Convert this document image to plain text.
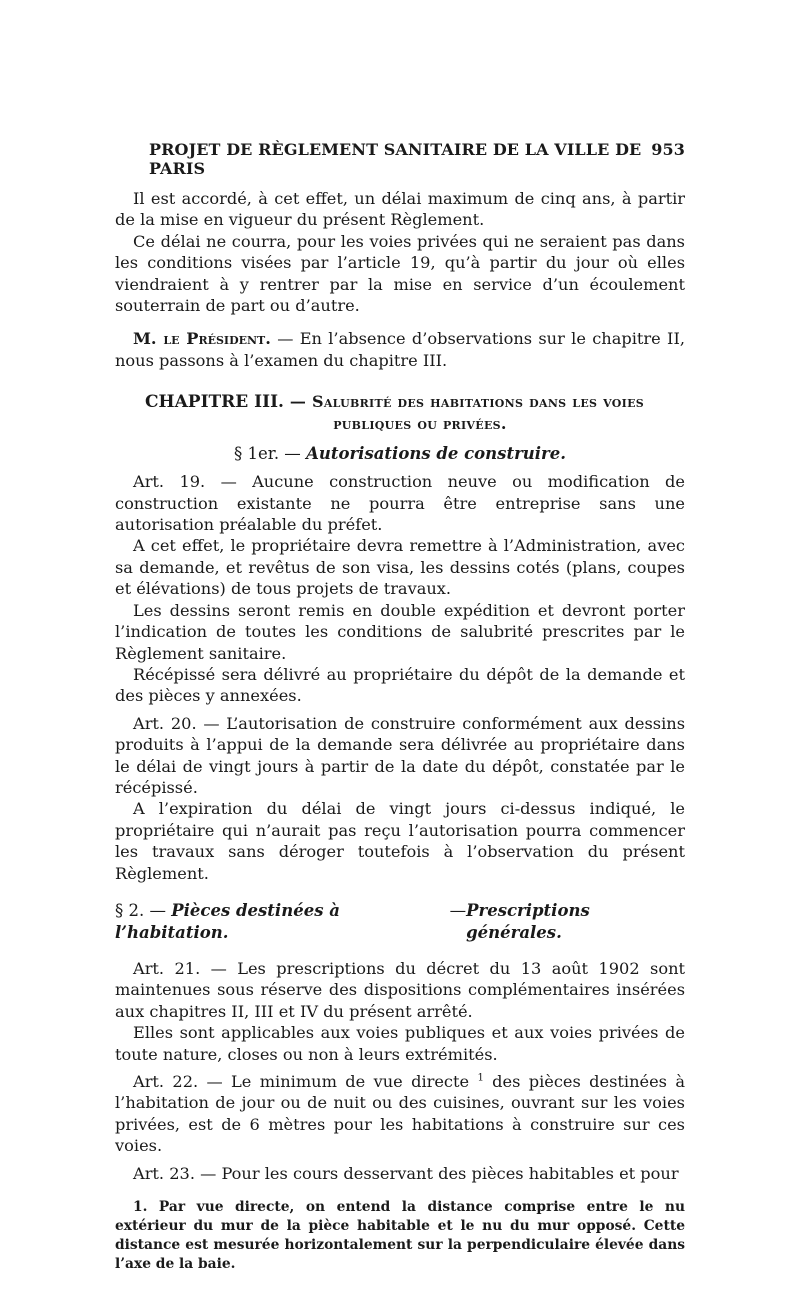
PROJET DE RÈGLEMENT SANITAIRE DE LA VILLE DE PARIS
953

Il est accordé, à cet effet, un délai maximum de cinq ans, à partir de la mise en vigueur du présent Règlement.

Ce délai ne courra, pour les voies privées qui ne seraient pas dans les conditions visées par l’article 19, qu’à partir du jour où elles viendraient à y rentrer par la mise en service d’un écoulement souterrain de part ou d’autre.

M. le Président. — En l’absence d’observations sur le chapitre II, nous passons à l’examen du chapitre III.

CHAPITRE III. — Salubrité des habitations dans les voies
publiques ou privées.
§ 1er. — Autorisations de construire.

Art. 19. — Aucune construction neuve ou modification de construction existante ne pourra être entreprise sans une autorisation préalable du préfet.

A cet effet, le propriétaire devra remettre à l’Administration, avec sa demande, et revêtus de son visa, les dessins cotés (plans, coupes et élévations) de tous projets de travaux.

Les dessins seront remis en double expédition et devront porter l’indication de toutes les conditions de salubrité prescrites par le Règlement sanitaire.

Récépissé sera délivré au propriétaire du dépôt de la demande et des pièces y annexées.

Art. 20. — L’autorisation de construire conformément aux dessins produits à l’appui de la demande sera délivrée au propriétaire dans le délai de vingt jours à partir de la date du dépôt, constatée par le récépissé.

A l’expiration du délai de vingt jours ci-dessus indiqué, le propriétaire qui n’aurait pas reçu l’autorisation pourra commencer les travaux sans déroger toutefois à l’observation du présent Règlement.

§ 2. — Pièces destinées à l’habitation.
— Prescriptions générales.

Art. 21. — Les prescriptions du décret du 13 août 1902 sont maintenues sous réserve des dispositions complémentaires insérées aux chapitres II, III et IV du présent arrêté.

Elles sont applicables aux voies publiques et aux voies privées de toute nature, closes ou non à leurs extrémités.

Art. 22. — Le minimum de vue directe $^1$ des pièces destinées à l’habitation de jour ou de nuit ou des cuisines, ouvrant sur les voies privées, est de 6 mètres pour les habitations à construire sur ces voies.

Art. 23. — Pour les cours desservant des pièces habitables et pour

1. Par vue directe, on entend la distance comprise entre le nu extérieur du mur de la pièce habitable et le nu du mur opposé. Cette distance est mesurée horizontalement sur la perpendiculaire élevée dans l’axe de la baie.
